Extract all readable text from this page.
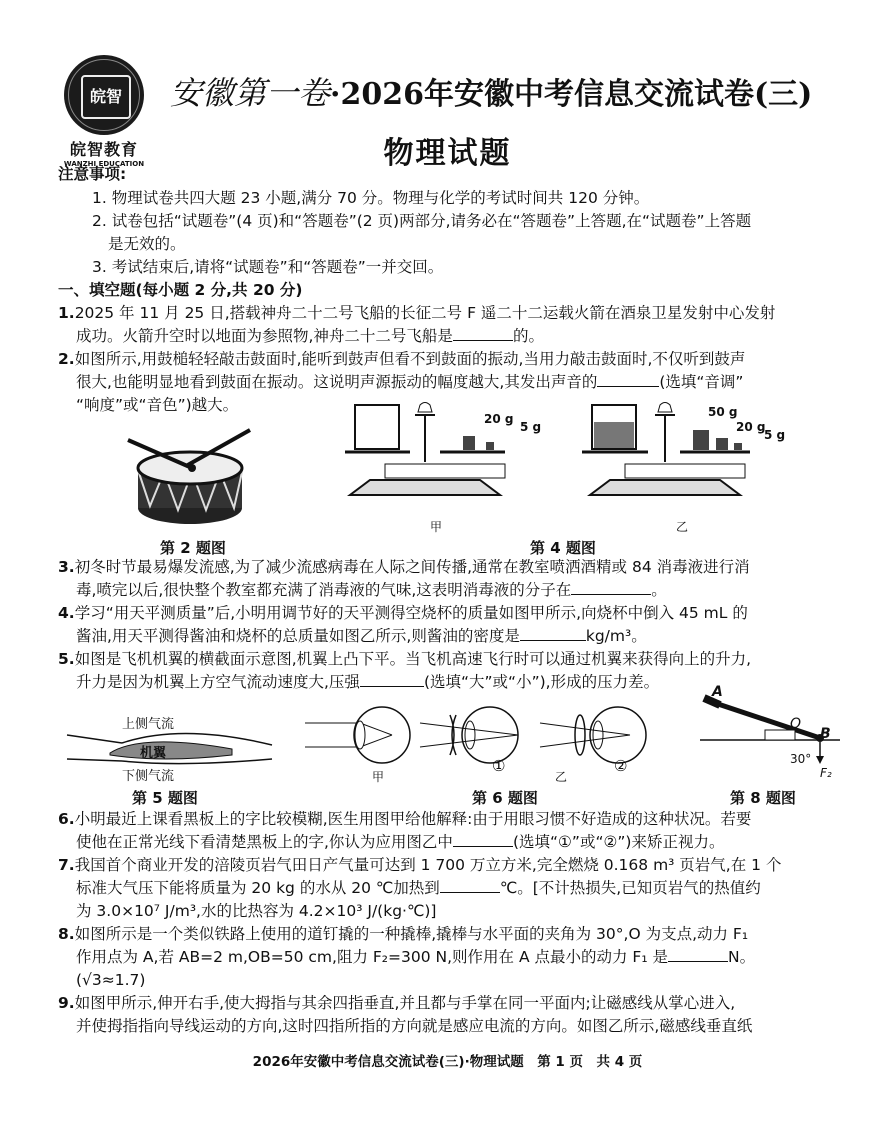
皖智
皖智教育
WANZHI EDUCATION
安徽第一卷·2026年安徽中考信息交流试卷(三)
物理试题
注意事项:
1. 物理试卷共四大题 23 小题,满分 70 分。物理与化学的考试时间共 120 分钟。
2. 试卷包括“试题卷”(4 页)和“答题卷”(2 页)两部分,请务必在“答题卷”上答题,在“试题卷”上答题
是无效的。
3. 考试结束后,请将“试题卷”和“答题卷”一并交回。
一、填空题(每小题 2 分,共 20 分)
1.2025 年 11 月 25 日,搭载神舟二十二号飞船的长征二号 F 遥二十二运载火箭在酒泉卫星发射中心发射
成功。火箭升空时以地面为参照物,神舟二十二号飞船是	的。
2.如图所示,用鼓槌轻轻敲击鼓面时,能听到鼓声但看不到鼓面的振动,当用力敲击鼓面时,不仅听到鼓声
很大,也能明显地看到鼓面在振动。这说明声源振动的幅度越大,其发出声音的	(选填“音调”
“响度”或“音色”)越大。
第 2 题图
20 g
5 g
甲
50 g
20 g
5 g
乙
第 4 题图
3.初冬时节最易爆发流感,为了减少流感病毒在人际之间传播,通常在教室喷洒酒精或 84 消毒液进行消
毒,喷完以后,很快整个教室都充满了消毒液的气味,这表明消毒液的分子在	。
4.学习“用天平测质量”后,小明用调节好的天平测得空烧杯的质量如图甲所示,向烧杯中倒入 45 mL 的
酱油,用天平测得酱油和烧杯的总质量如图乙所示,则酱油的密度是	kg/m³。
5.如图是飞机机翼的横截面示意图,机翼上凸下平。当飞机高速飞行时可以通过机翼来获得向上的升力,
升力是因为机翼上方空气流动速度大,压强	(选填“大”或“小”),形成的压力差。
上侧气流
机翼
下侧气流
第 5 题图
甲
①
乙
②
第 6 题图
A
O
B
30°
F₂
第 8 题图
6.小明最近上课看黑板上的字比较模糊,医生用图甲给他解释:由于用眼习惯不好造成的这种状况。若要
使他在正常光线下看清楚黑板上的字,你认为应用图乙中	(选填“①”或“②”)来矫正视力。
7.我国首个商业开发的涪陵页岩气田日产气量可达到 1 700 万立方米,完全燃烧 0.168 m³ 页岩气,在 1 个
标准大气压下能将质量为 20 kg 的水从 20 ℃加热到	℃。[不计热损失,已知页岩气的热值约
为 3.0×10⁷ J/m³,水的比热容为 4.2×10³ J/(kg·℃)]
8.如图所示是一个类似铁路上使用的道钉撬的一种撬棒,撬棒与水平面的夹角为 30°,O 为支点,动力 F₁
作用点为 A,若 AB=2 m,OB=50 cm,阻力 F₂=300 N,则作用在 A 点最小的动力 F₁ 是	N。
(√3≈1.7)
9.如图甲所示,伸开右手,使大拇指与其余四指垂直,并且都与手掌在同一平面内;让磁感线从掌心进入,
并使拇指指向导线运动的方向,这时四指所指的方向就是感应电流的方向。如图乙所示,磁感线垂直纸
2026年安徽中考信息交流试卷(三)·物理试题　第 1 页　共 4 页
